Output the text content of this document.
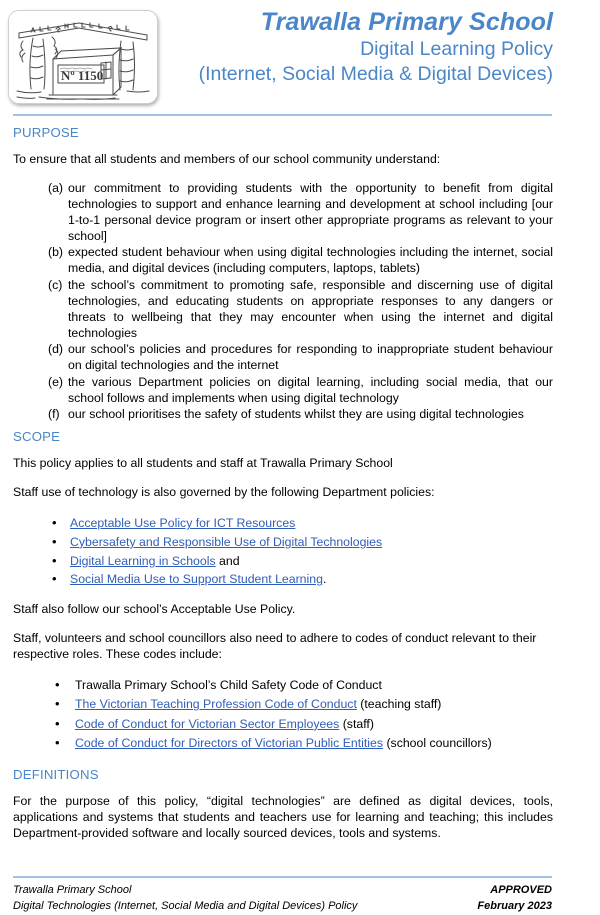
Nº 1150
Trawalla Primary School
Digital Learning Policy
(Internet, Social Media & Digital Devices)
PURPOSE

To ensure that all students and members of our school community understand:

(a) our commitment to providing students with the opportunity to benefit from digital technologies to support and enhance learning and development at school including [our 1-to-1 personal device program or insert other appropriate programs as relevant to your school]
(b) expected student behaviour when using digital technologies including the internet, social media, and digital devices (including computers, laptops, tablets)
(c) the school’s commitment to promoting safe, responsible and discerning use of digital technologies, and educating students on appropriate responses to any dangers or threats to wellbeing that they may encounter when using the internet and digital technologies
(d) our school’s policies and procedures for responding to inappropriate student behaviour on digital technologies and the internet
(e) the various Department policies on digital learning, including social media, that our school follows and implements when using digital technology
(f) our school prioritises the safety of students whilst they are using digital technologies
SCOPE

This policy applies to all students and staff at Trawalla Primary School

Staff use of technology is also governed by the following Department policies:

• Acceptable Use Policy for ICT Resources
• Cybersafety and Responsible Use of Digital Technologies
• Digital Learning in Schools and
• Social Media Use to Support Student Learning.

Staff also follow our school’s Acceptable Use Policy.

Staff, volunteers and school councillors also need to adhere to codes of conduct relevant to their respective roles. These codes include:

• Trawalla Primary School’s Child Safety Code of Conduct
• The Victorian Teaching Profession Code of Conduct (teaching staff)
• Code of Conduct for Victorian Sector Employees (staff)
• Code of Conduct for Directors of Victorian Public Entities (school councillors)
DEFINITIONS

For the purpose of this policy, “digital technologies” are defined as digital devices, tools, applications and systems that students and teachers use for learning and teaching; this includes Department-provided software and locally sourced devices, tools and systems.

Trawalla Primary School
Digital Technologies (Internet, Social Media and Digital Devices) Policy
APPROVED
February 2023
